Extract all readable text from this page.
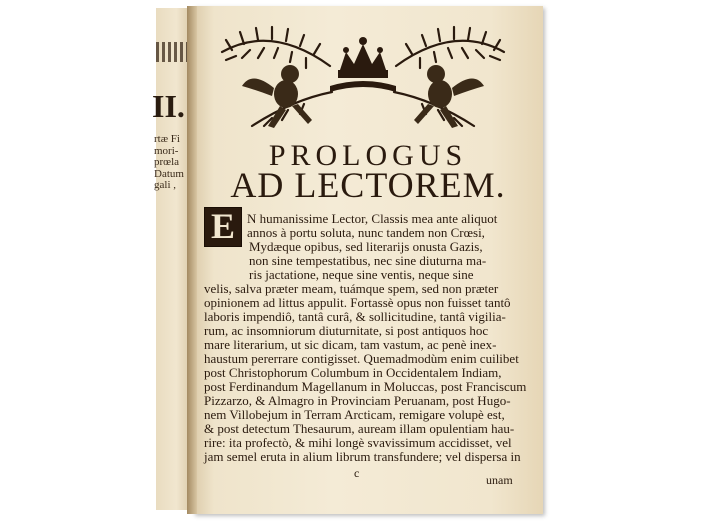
II.
rtæ Fi
mori-
prœla
Datum
gali ,
PROLOGUS
AD LECTOREM.
E N humanissime Lector, Classis mea ante aliquot
annos à portu soluta, nunc tandem non Crœsi,
Mydæque opibus, sed literarijs onusta Gazis,
non sine tempestatibus, nec sine diuturna ma-
ris jactatione, neque sine ventis, neque sine
velis, salva præter meam, tuámque spem, sed non præter
opinionem ad littus appulit. Fortassè opus non fuisset tantô
laboris impendiô, tantâ curâ, & sollicitudine, tantâ vigilia-
rum, ac insomniorum diuturnitate, si post antiquos hoc
mare literarium, ut sic dicam, tam vastum, ac penè inex-
haustum pererrare contigisset. Quemadmodùm enim cuilibet
post Christophorum Columbum in Occidentalem Indiam,
post Ferdinandum Magellanum in Moluccas, post Franciscum
Pizzarzo, & Almagro in Provinciam Peruanam, post Hugo-
nem Villobejum in Terram Arcticam, remigare volupè est,
& post detectum Thesaurum, auream illam opulentiam hau-
rire: ita profectò, & mihi longè svavissimum accidisset, vel
jam semel eruta in alium librum transfundere; vel dispersa in
c	unam
